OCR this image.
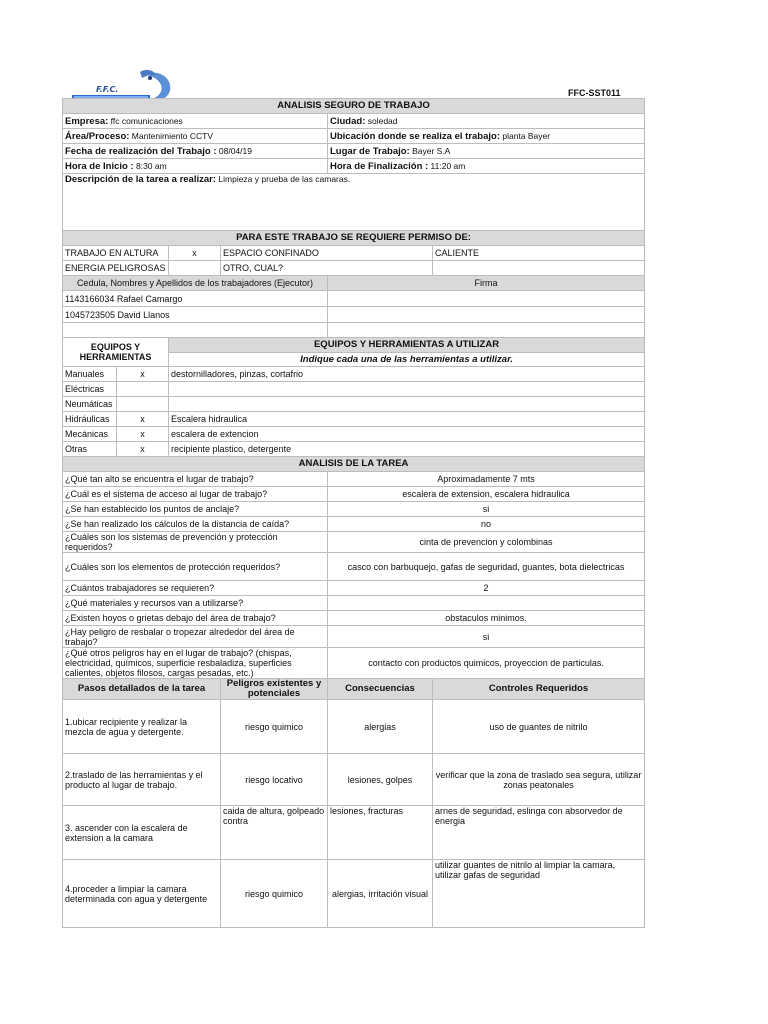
F.F.C.	FFC-SST011
ANALISIS SEGURO DE TRABAJO					
Empresa: ffc comunicaciones				Ciudad: soledad	
Área/Proceso: Mantenimiento CCTV				Ubicación donde se realiza el trabajo: planta Bayer	
Fecha de realización del Trabajo : 08/04/19				Lugar de Trabajo: Bayer S.A	
Hora de Inicio : 8:30 am				Hora de Finalización : 11:20 am	
Descripción de la tarea a realizar: Limpieza y prueba de las camaras.					
PARA ESTE TRABAJO SE REQUIERE PERMISO DE:					
TRABAJO EN ALTURA		x	ESPACIO CONFINADO		CALIENTE
ENERGIA PELIGROSAS			OTRO, CUAL?		
Cedula, Nombres y Apellidos de los trabajadores (Ejecutor)				Firma	
1143166034 Rafael Camargo					
1045723505 David Llanos					

EQUIPOS Y HERRAMIENTAS		EQUIPOS Y HERRAMIENTAS A UTILIZAR			
		Indique cada una de las herramientas a utilizar.			
Manuales	x	destornilladores, pinzas, cortafrio			
Eléctricas					
Neumáticas					
Hidráulicas	x	Escalera hidraulica			
Mecánicas	x	escalera de extencion			
Otras	x	recipiente plastico, detergente			
ANALISIS DE LA TAREA					
¿Qué tan alto se encuentra el lugar de trabajo?				Aproximadamente 7 mts	
¿Cuál es el sistema de acceso al lugar de trabajo?				escalera de extension, escalera hidraulica	
¿Se han establecido los puntos de anclaje?				si	
¿Se han realizado los cálculos de la distancia de caída?				no	
¿Cuáles son los sistemas de prevención y protección requeridos?				cinta de prevencion y colombinas	
¿Cuáles son los elementos de protección requeridos?				casco con barbuquejo, gafas de seguridad, guantes, bota dielectricas	
¿Cuántos trabajadores se requieren?				2	
¿Qué materiales y recursos van a utilizarse?					
¿Existen hoyos o grietas debajo del área de trabajo?				obstaculos minimos.	
¿Hay peligro de resbalar o tropezar alrededor del área de trabajo?				si	
¿Qué otros peligros hay en el lugar de trabajo? (chispas, electricidad, químicos, superficie resbaladiza, superficies calientes, objetos filosos, cargas pesadas, etc.)				contacto con productos quimicos, proyeccion de particulas.	
Pasos detallados de la tarea			Peligros existentes y potenciales	Consecuencias	Controles Requeridos
1.ubicar recipiente y realizar la mezcla de agua y detergente.			riesgo quimico	alergias	uso de guantes de nitrilo
2.traslado de las herramientas y el producto al lugar de trabajo.			riesgo locativo	lesiones, golpes	verificar que la zona de traslado sea segura, utilizar zonas peatonales
3. ascender con la escalera de extension a la camara			caida de altura, golpeado contra	lesiones, fracturas	arnes de seguridad, eslinga con absorvedor de energia
4.proceder a limpiar la camara determinada con agua y detergente			riesgo quimico	alergias, irritación visual	utilizar guantes de nitrilo al limpiar la camara, utilizar gafas de seguridad
